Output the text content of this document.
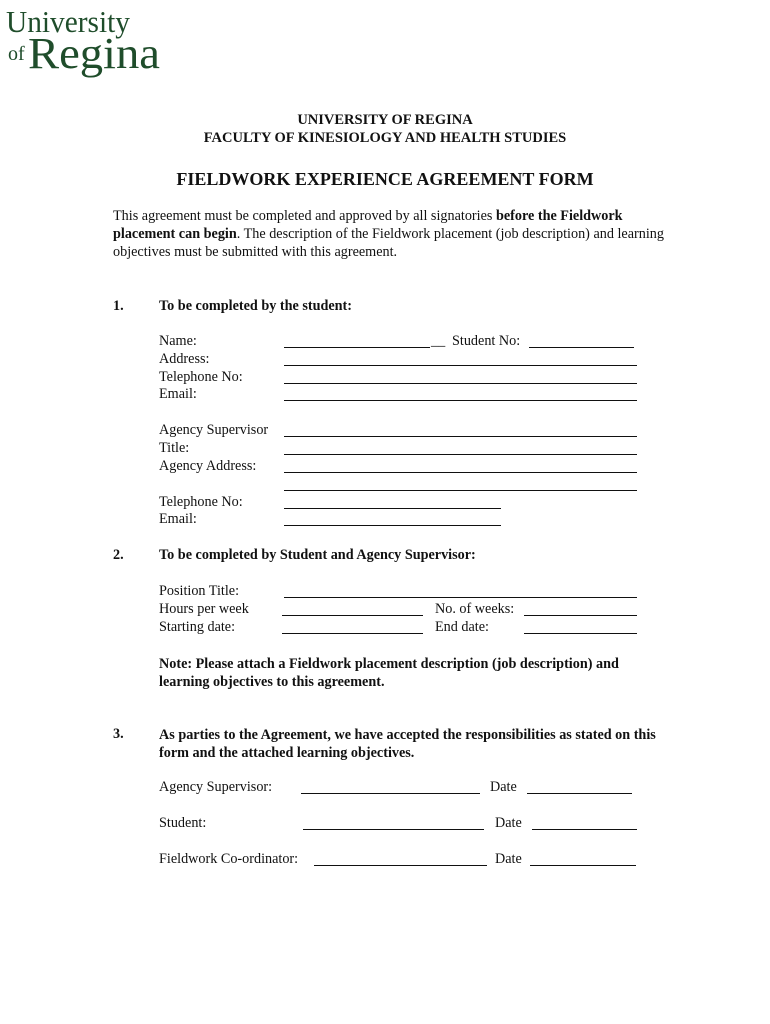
University
of Regina
UNIVERSITY OF REGINA
FACULTY OF KINESIOLOGY AND HEALTH STUDIES
FIELDWORK EXPERIENCE AGREEMENT FORM
This agreement must be completed and approved by all signatories before the Fieldwork placement can begin. The description of the Fieldwork placement (job description) and learning objectives must be submitted with this agreement.
1. To be completed by the student:
Name:	__ Student No:
Address:
Telephone No:
Email:
Agency Supervisor
Title:
Agency Address:
Telephone No:
Email:
2. To be completed by Student and Agency Supervisor:
Position Title:
Hours per week	No. of weeks:
Starting date:	End date:
Note: Please attach a Fieldwork placement description (job description) and learning objectives to this agreement.
3. As parties to the Agreement, we have accepted the responsibilities as stated on this form and the attached learning objectives.
Agency Supervisor:	Date
Student:	Date
Fieldwork Co-ordinator:	Date
